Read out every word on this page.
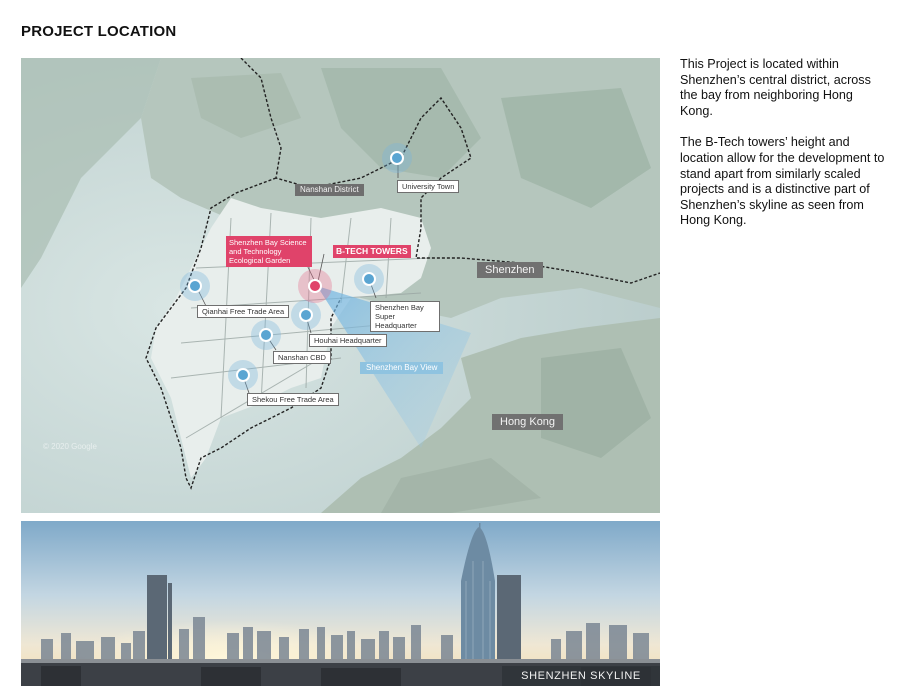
PROJECT LOCATION
© 2020 Google
Nanshan District	University Town
Shenzhen Bay Science and Technology Ecological Garden
B-TECH TOWERS
Shenzhen
Qianhai Free Trade Area	Shenzhen Bay Super Headquarter
Houhai Headquarter
Nanshan CBD
Shenzhen Bay View
Shekou Free Trade Area
Hong Kong

This Project is located within Shenzhen’s central district, across the bay from neighboring Hong Kong.

The B-Tech towers’ height and location allow for the development to stand apart from similarly scaled projects and is a distinctive part of Shenzhen’s skyline as seen from Hong Kong.

SHENZHEN SKYLINE
